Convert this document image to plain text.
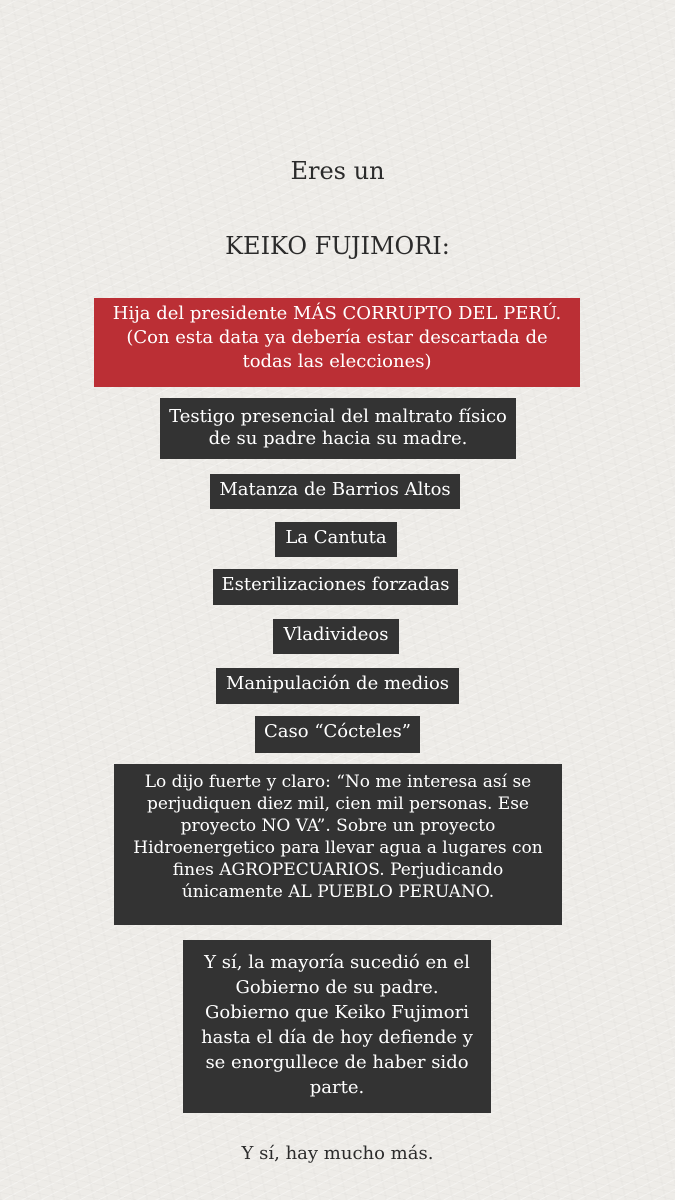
Eres un
KEIKO FUJIMORI:
Hija del presidente MÁS CORRUPTO DEL PERÚ.
(Con esta data ya debería estar descartada de
todas las elecciones)
Testigo presencial del maltrato físico
de su padre hacia su madre.
Matanza de Barrios Altos
La Cantuta
Esterilizaciones forzadas
Vladivideos
Manipulación de medios
Caso “Cócteles”
Lo dijo fuerte y claro: “No me interesa así se
perjudiquen diez mil, cien mil personas. Ese
proyecto NO VA”. Sobre un proyecto
Hidroenergetico para llevar agua a lugares con
fines AGROPECUARIOS. Perjudicando
únicamente AL PUEBLO PERUANO.
Y sí, la mayoría sucedió en el
Gobierno de su padre.
Gobierno que Keiko Fujimori
hasta el día de hoy defiende y
se enorgullece de haber sido
parte.
Y sí, hay mucho más.
